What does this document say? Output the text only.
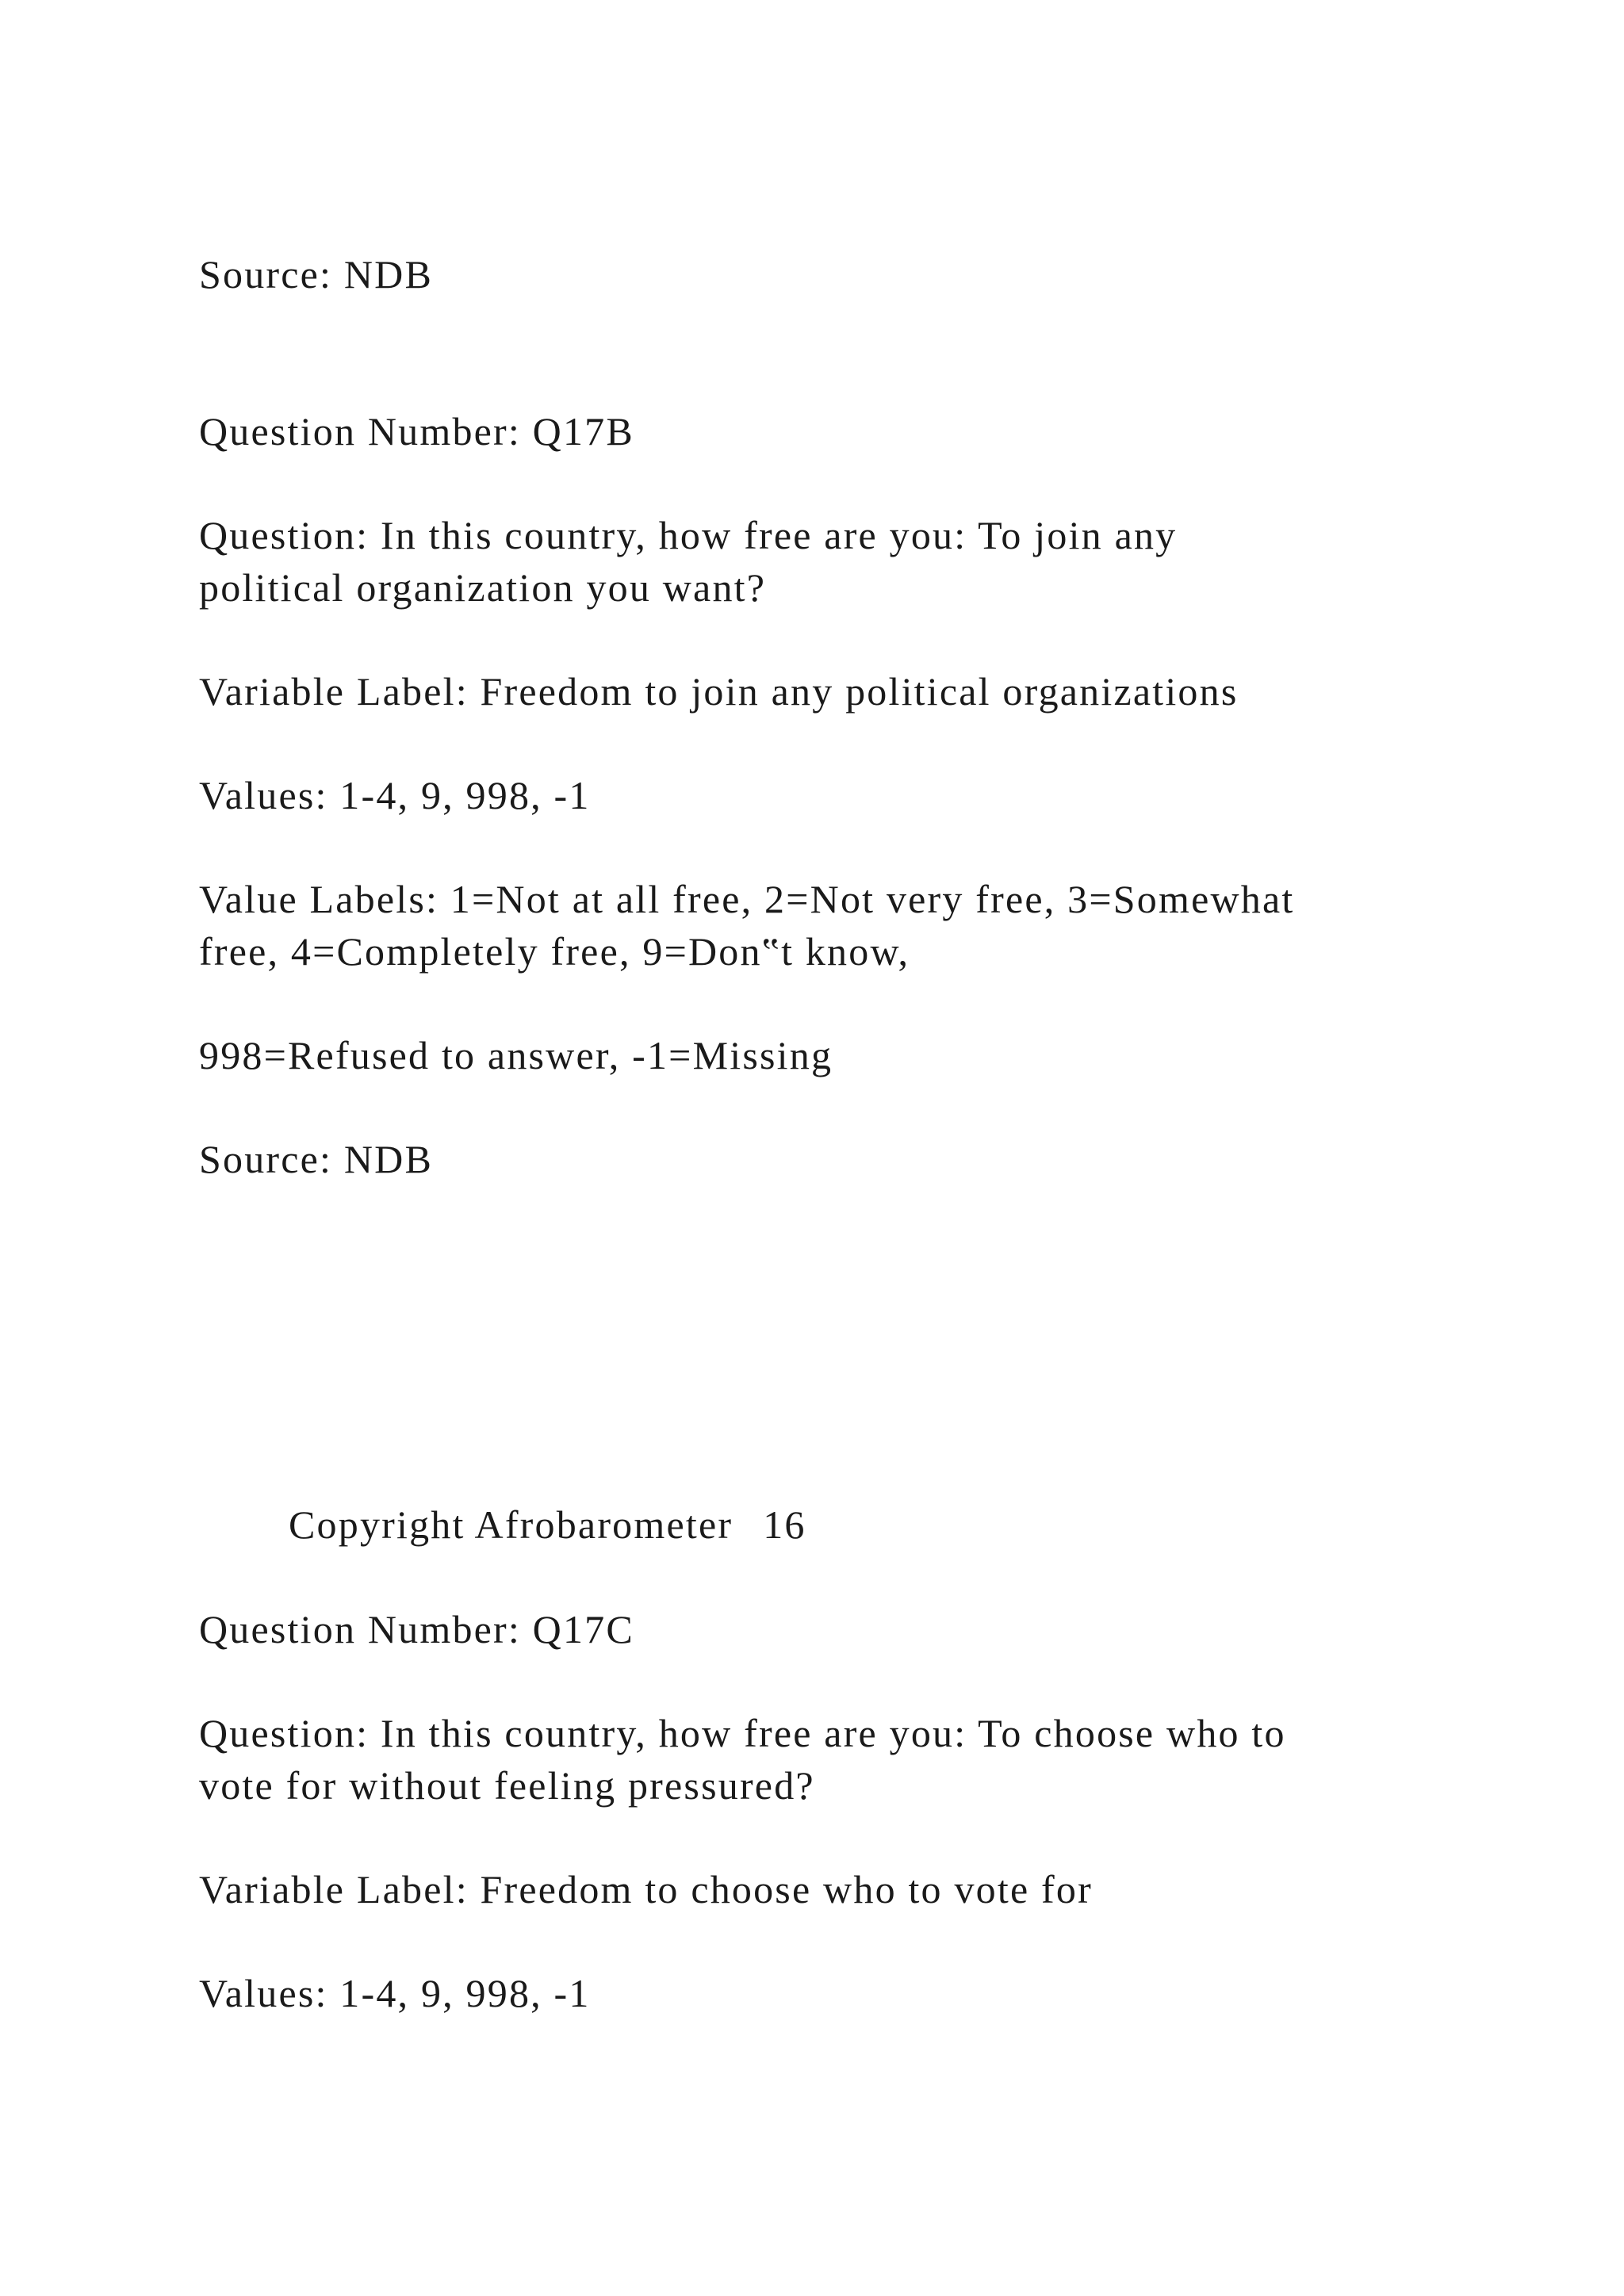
Source: NDB
Question Number: Q17B
Question: In this country, how free are you: To join any
political organization you want?
Variable Label: Freedom to join any political organizations
Values: 1-4, 9, 998, -1
Value Labels: 1=Not at all free, 2=Not very free, 3=Somewhat
free, 4=Completely free, 9=Don‟t know,
998=Refused to answer, -1=Missing
Source: NDB
Copyright Afrobarometer 16
Question Number: Q17C
Question: In this country, how free are you: To choose who to
vote for without feeling pressured?
Variable Label: Freedom to choose who to vote for
Values: 1-4, 9, 998, -1
